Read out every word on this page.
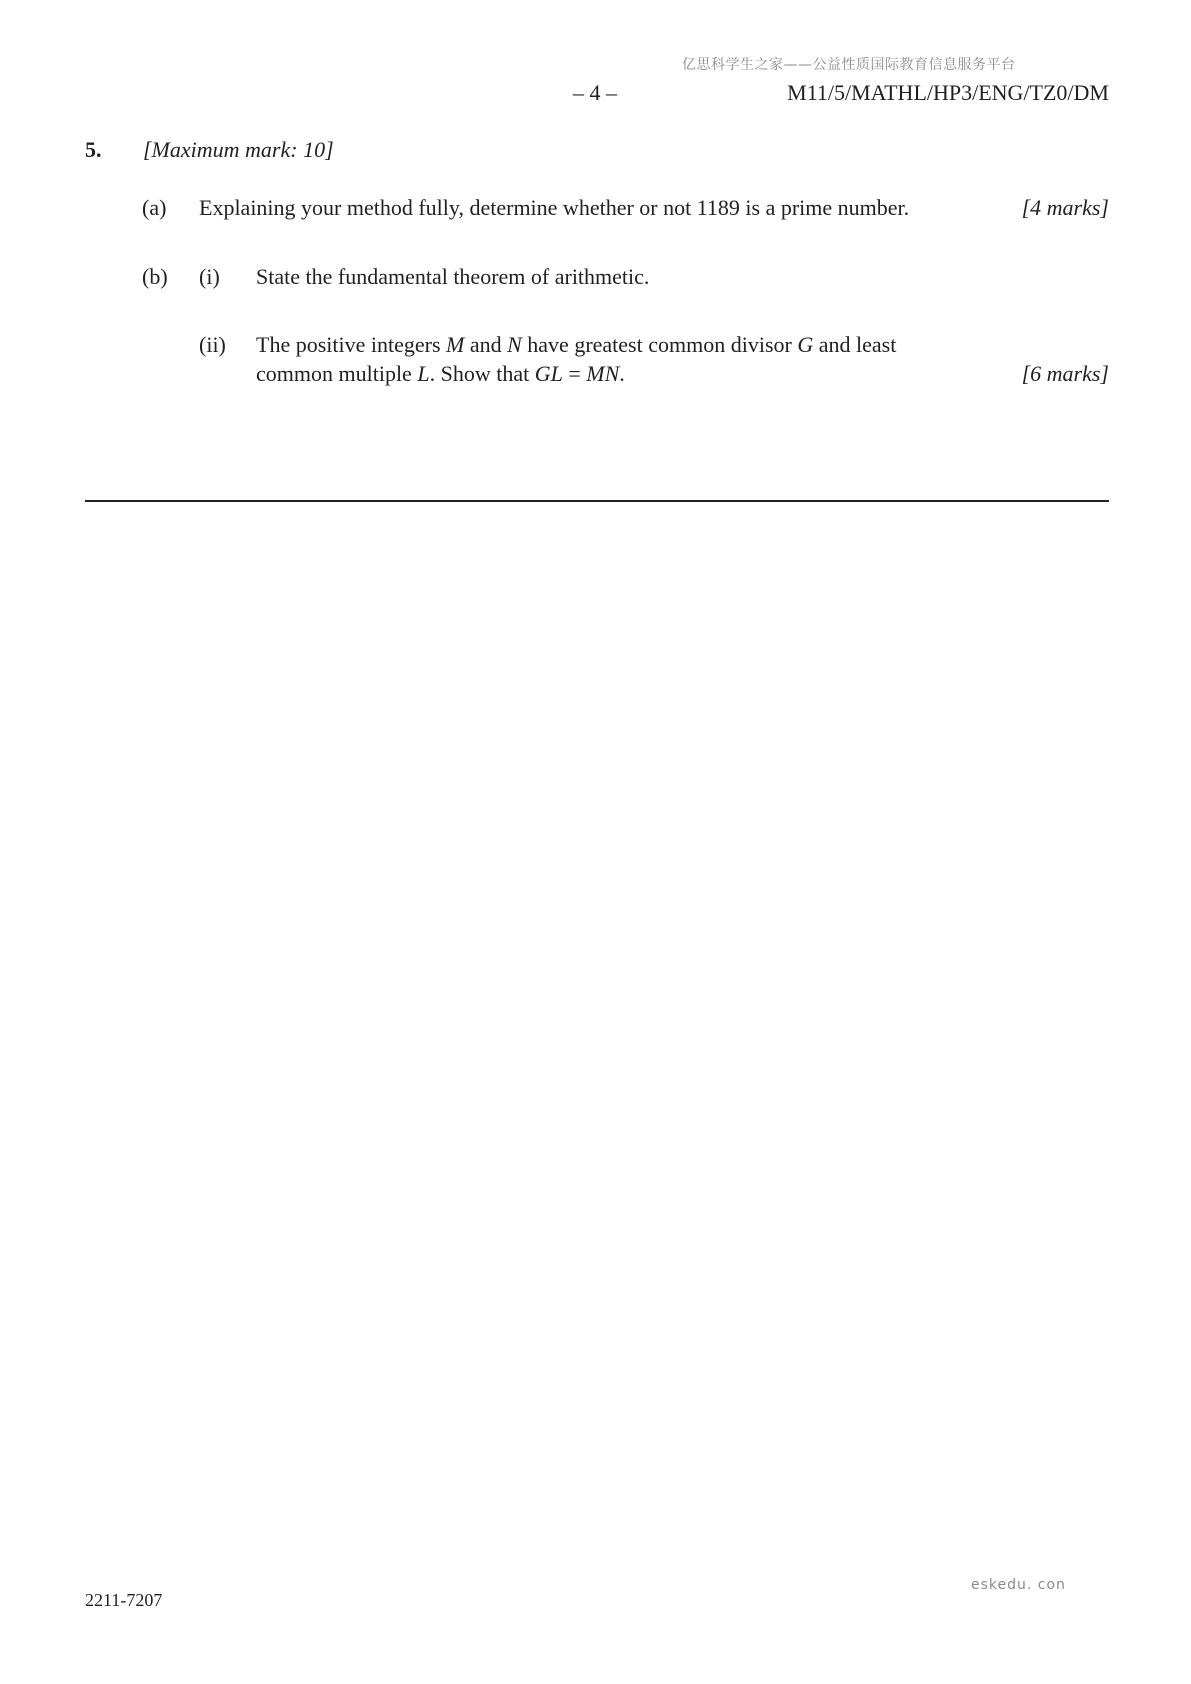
亿思科学生之家——公益性质国际教育信息服务平台
– 4 –	M11/5/MATHL/HP3/ENG/TZ0/DM
5. [Maximum mark: 10]
(a) Explaining your method fully, determine whether or not 1189 is a prime number.	[4 marks]
(b) (i) State the fundamental theorem of arithmetic.
(ii) The positive integers M and N have greatest common divisor G and least
common multiple L. Show that GL = MN.	[6 marks]
2211-7207
eskedu. con
